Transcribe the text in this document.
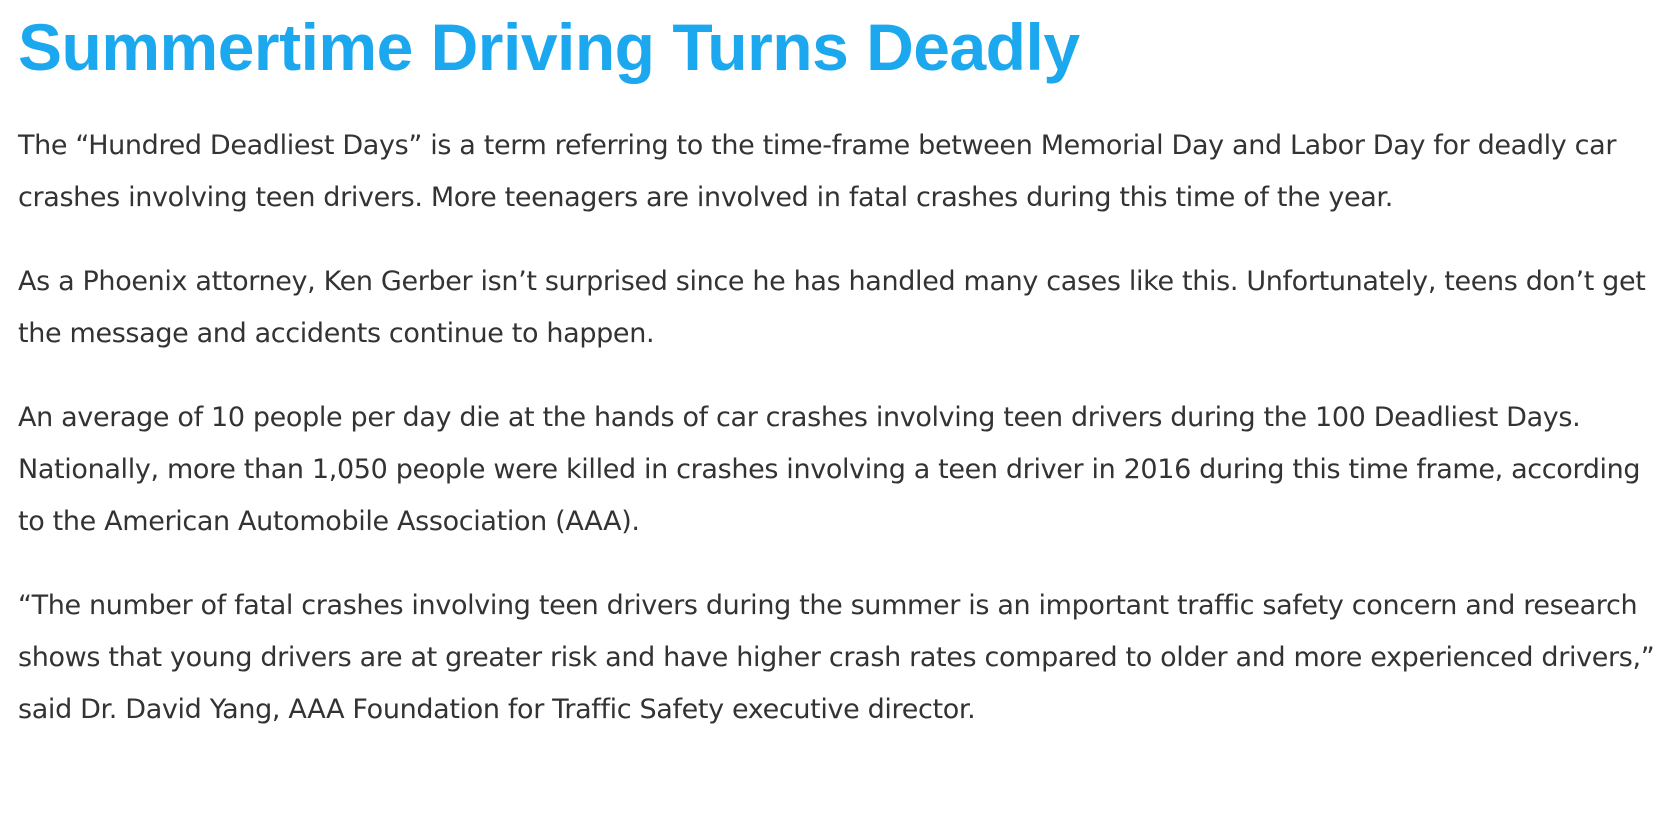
Summertime Driving Turns Deadly

The “Hundred Deadliest Days” is a term referring to the time-frame between Memorial Day and Labor Day for deadly car crashes involving teen drivers. More teenagers are involved in fatal crashes during this time of the year.

As a Phoenix attorney, Ken Gerber isn’t surprised since he has handled many cases like this. Unfortunately, teens don’t get the message and accidents continue to happen.

An average of 10 people per day die at the hands of car crashes involving teen drivers during the 100 Deadliest Days. Nationally, more than 1,050 people were killed in crashes involving a teen driver in 2016 during this time frame, according to the American Automobile Association (AAA).

“The number of fatal crashes involving teen drivers during the summer is an important traffic safety concern and research shows that young drivers are at greater risk and have higher crash rates compared to older and more experienced drivers,” said Dr. David Yang, AAA Foundation for Traffic Safety executive director.
